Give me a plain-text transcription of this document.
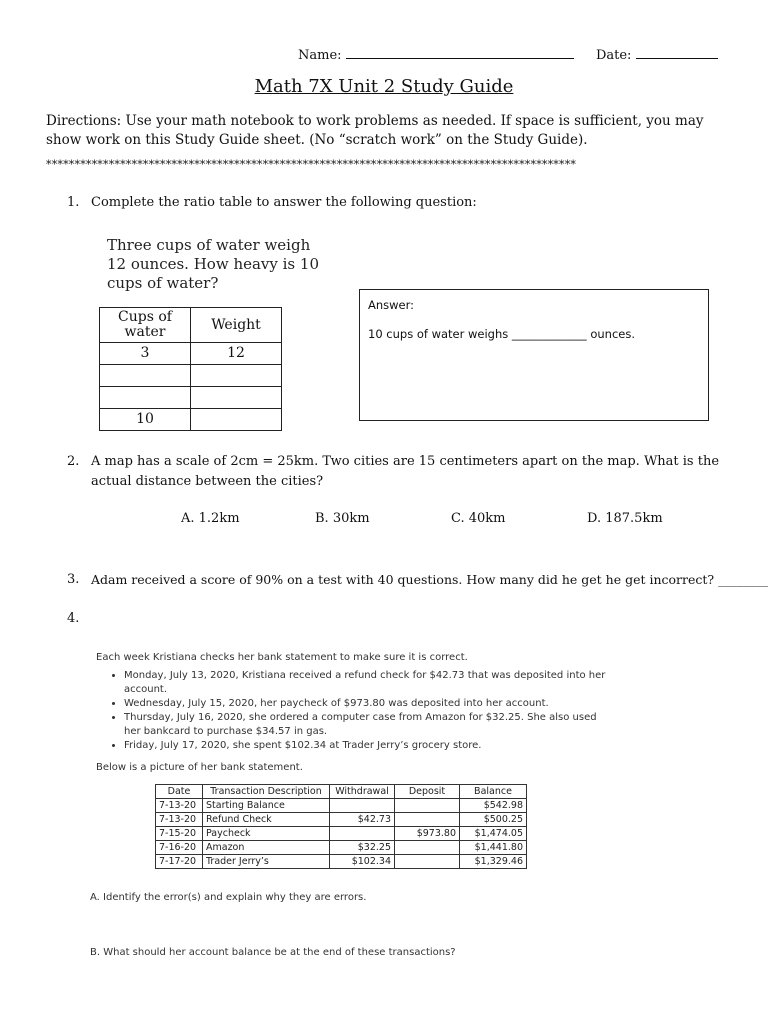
Name:	Date:
Math 7X Unit 2 Study Guide
Directions: Use your math notebook to work problems as needed. If space is sufficient, you may show work on this Study Guide sheet. (No “scratch work” on the Study Guide).
*********************************************************************************************
1. Complete the ratio table to answer the following question:
Three cups of water weigh 12 ounces. How heavy is 10 cups of water?
Cups of water	Weight
3	12

10	
Answer:
10 cups of water weighs _____________ ounces.
2. A map has a scale of 2cm = 25km. Two cities are 15 centimeters apart on the map. What is the
actual distance between the cities?
A. 1.2km	B. 30km	C. 40km	D. 187.5km
3. Adam received a score of 90% on a test with 40 questions. How many did he get he get incorrect? ________
4.

Each week Kristiana checks her bank statement to make sure it is correct.

• Monday, July 13, 2020, Kristiana received a refund check for $42.73 that was deposited into her account.
• Wednesday, July 15, 2020, her paycheck of $973.80 was deposited into her account.
• Thursday, July 16, 2020, she ordered a computer case from Amazon for $32.25. She also used her bankcard to purchase $34.57 in gas.
• Friday, July 17, 2020, she spent $102.34 at Trader Jerry’s grocery store.

Below is a picture of her bank statement.

Date	Transaction Description	Withdrawal	Deposit	Balance
7-13-20	Starting Balance			$542.98
7-13-20	Refund Check	$42.73		$500.25
7-15-20	Paycheck		$973.80	$1,474.05
7-16-20	Amazon	$32.25		$1,441.80
7-17-20	Trader Jerry’s	$102.34		$1,329.46
A. Identify the error(s) and explain why they are errors.
B. What should her account balance be at the end of these transactions?
